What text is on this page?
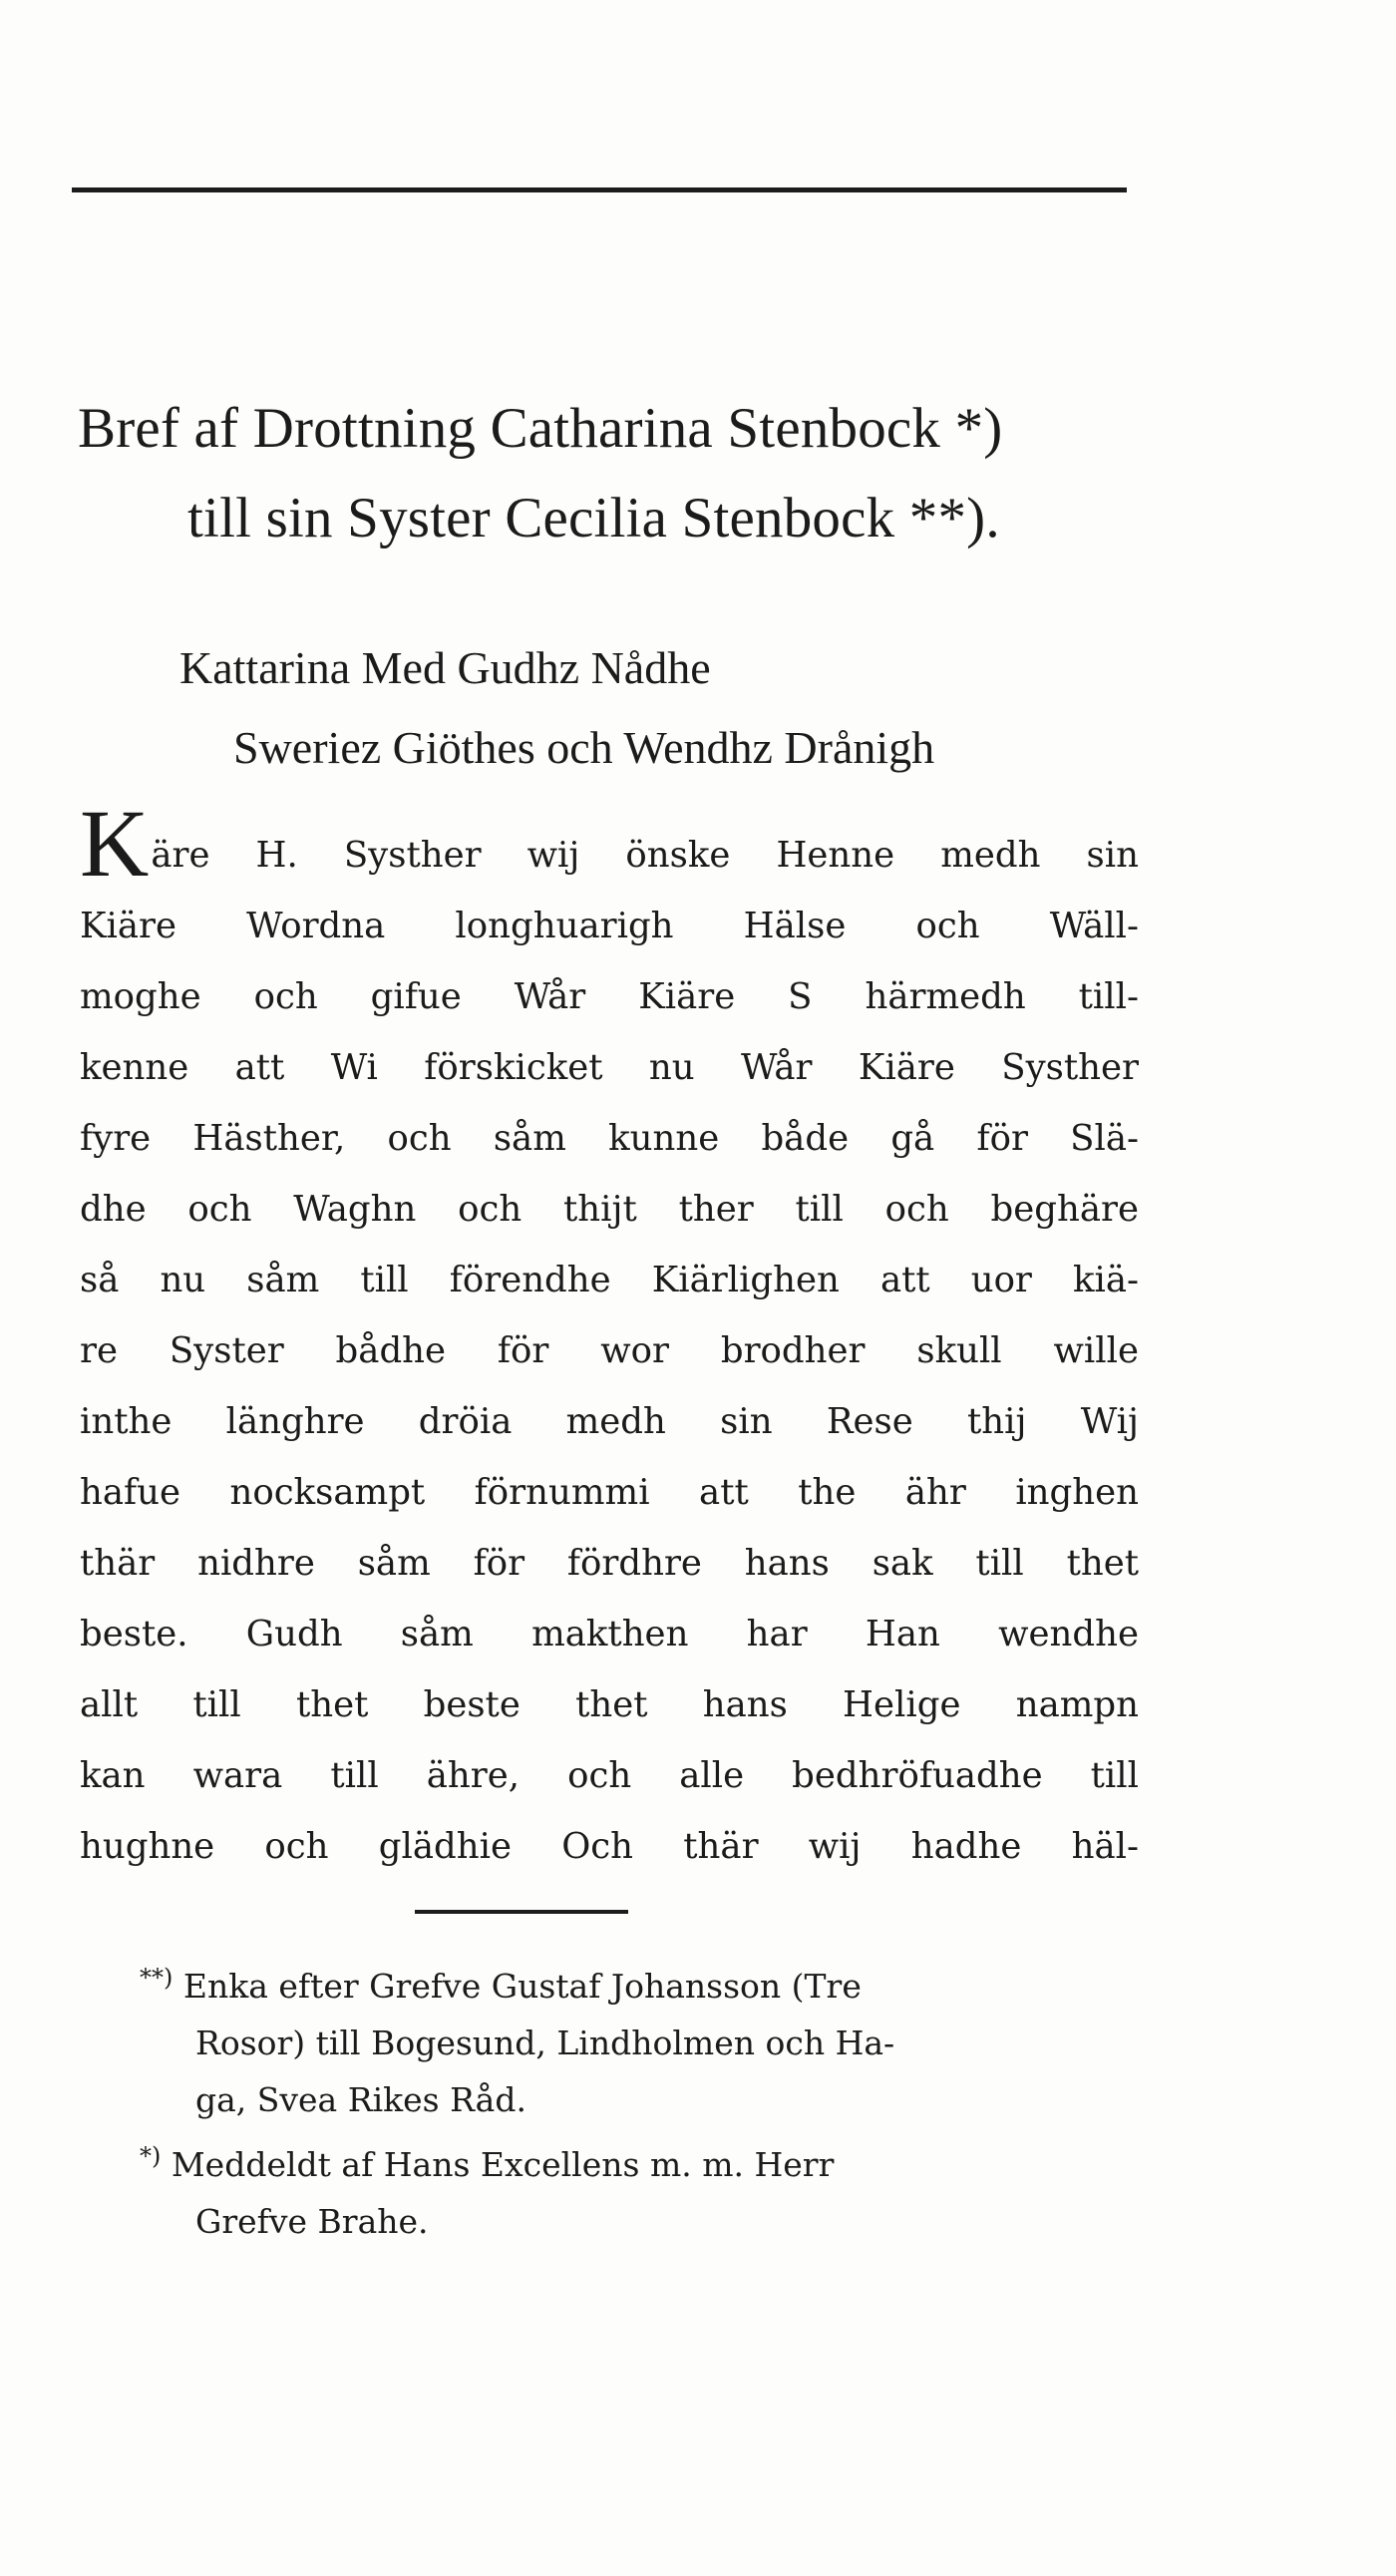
Bref af Drottning Catharina Stenbock *)
till sin Syster Cecilia Stenbock **).
Kattarina Med Gudhz Nådhe
Sweriez Giöthes och Wendhz Drånigh
K äre H. Systher wij önske Henne medh sin
Kiäre Wordna longhuarigh Hälse och Wäll-
moghe och gifue Wår Kiäre S härmedh till-
kenne att Wi förskicket nu Wår Kiäre Systher
fyre Hästher, och såm kunne både gå för Slä-
dhe och Waghn och thijt ther till och beghäre
så nu såm till förendhe Kiärlighen att uor kiä-
re Syster bådhe för wor brodher skull wille
inthe länghre dröia medh sin Rese thij Wij
hafue nocksampt förnummi att the ähr inghen
thär nidhre såm för fördhre hans sak till thet
beste. Gudh såm makthen har Han wendhe
allt till thet beste thet hans Helige nampn
kan wara till ähre, och alle bedhröfuadhe till
hughne och glädhie Och thär wij hadhe häl-
**) Enka efter Grefve Gustaf Johansson (Tre
Rosor) till Bogesund, Lindholmen och Ha-
ga, Svea Rikes Råd.
*) Meddeldt af Hans Excellens m. m. Herr
Grefve Brahe.
